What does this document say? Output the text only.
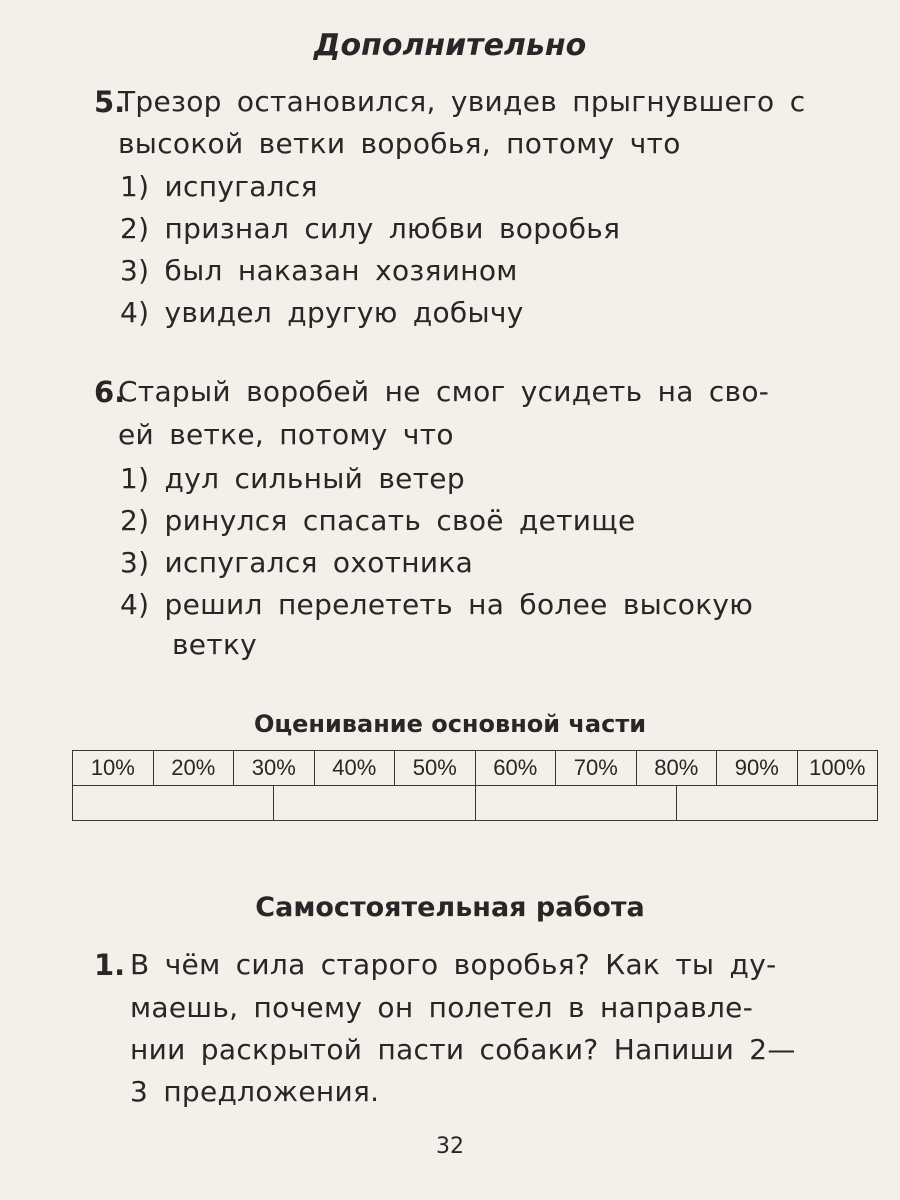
Дополнительно
5.
Трезор остановился, увидев прыгнувшего с
высокой ветки воробья, потому что
1) испугался
2) признал силу любви воробья
3) был наказан хозяином
4) увидел другую добычу
6.
Старый воробей не смог усидеть на сво-
ей ветке, потому что
1) дул сильный ветер
2) ринулся спасать своё детище
3) испугался охотника
4) решил перелететь на более высокую
ветку
Оценивание основной части
10%	20%	30%		40%	50%	60%	70%	80%		90%	100%

Самостоятельная работа
1. В чём сила старого воробья? Как ты ду-
маешь, почему он полетел в направле-
нии раскрытой пасти собаки? Напиши 2—
3 предложения.
32
